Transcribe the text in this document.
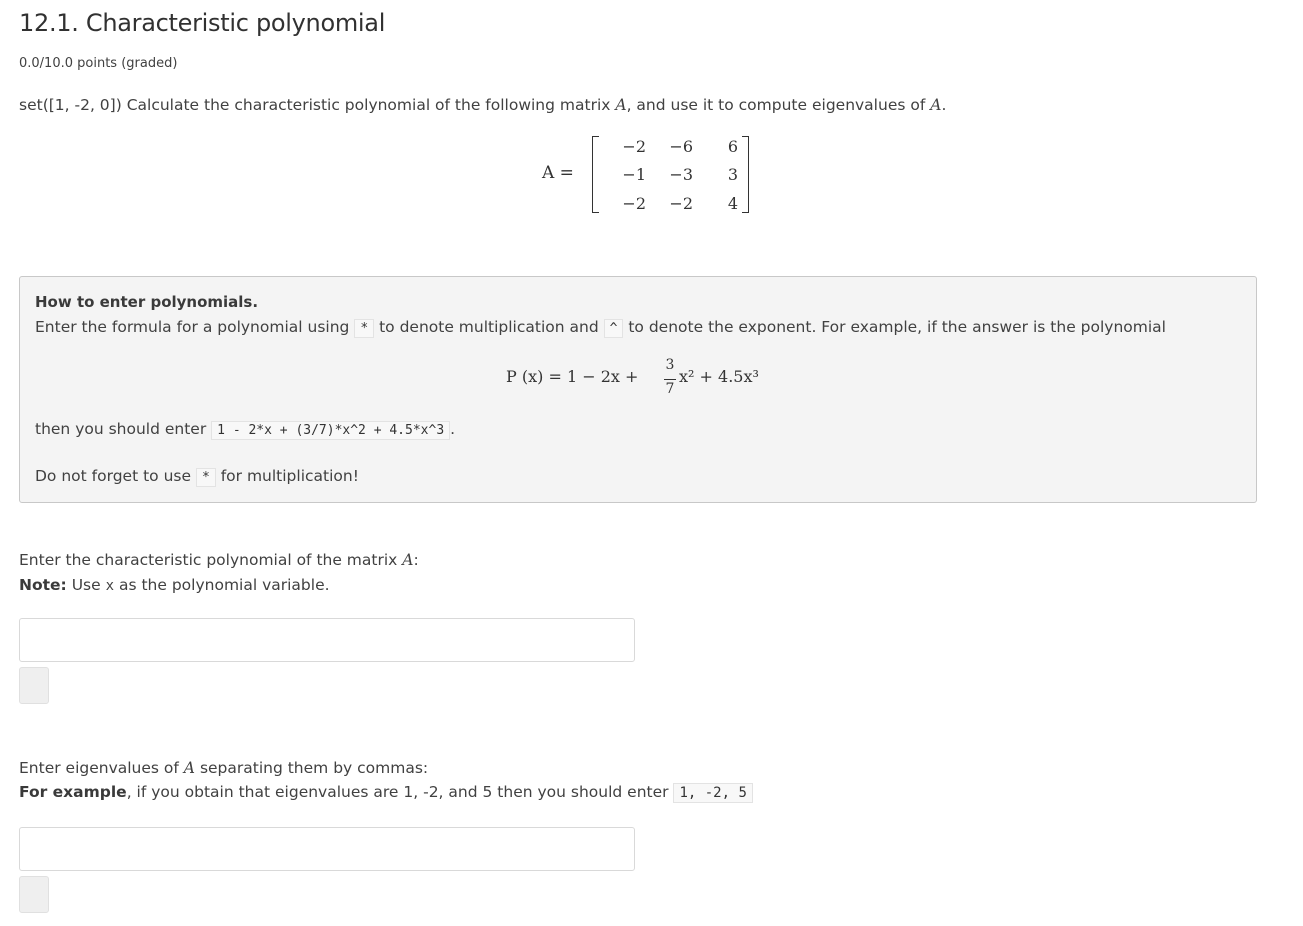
12.1. Characteristic polynomial
0.0/10.0 points (graded)
set([1, -2, 0]) Calculate the characteristic polynomial of the following matrix A, and use it to compute eigenvalues of A.
A =
−2	−6	6
−1	−3	3
−2	−2	4
How to enter polynomials.
Enter the formula for a polynomial using * to denote multiplication and ^ to denote the exponent. For example, if the answer is the polynomial
P (x) = 1 − 2x +
3
7
x² + 4.5x³
then you should enter 1 - 2*x + (3/7)*x^2 + 4.5*x^3 .
Do not forget to use * for multiplication!
Enter the characteristic polynomial of the matrix A:
Note: Use x as the polynomial variable.
Enter eigenvalues of A separating them by commas:
For example, if you obtain that eigenvalues are 1, -2, and 5 then you should enter 1, -2, 5
